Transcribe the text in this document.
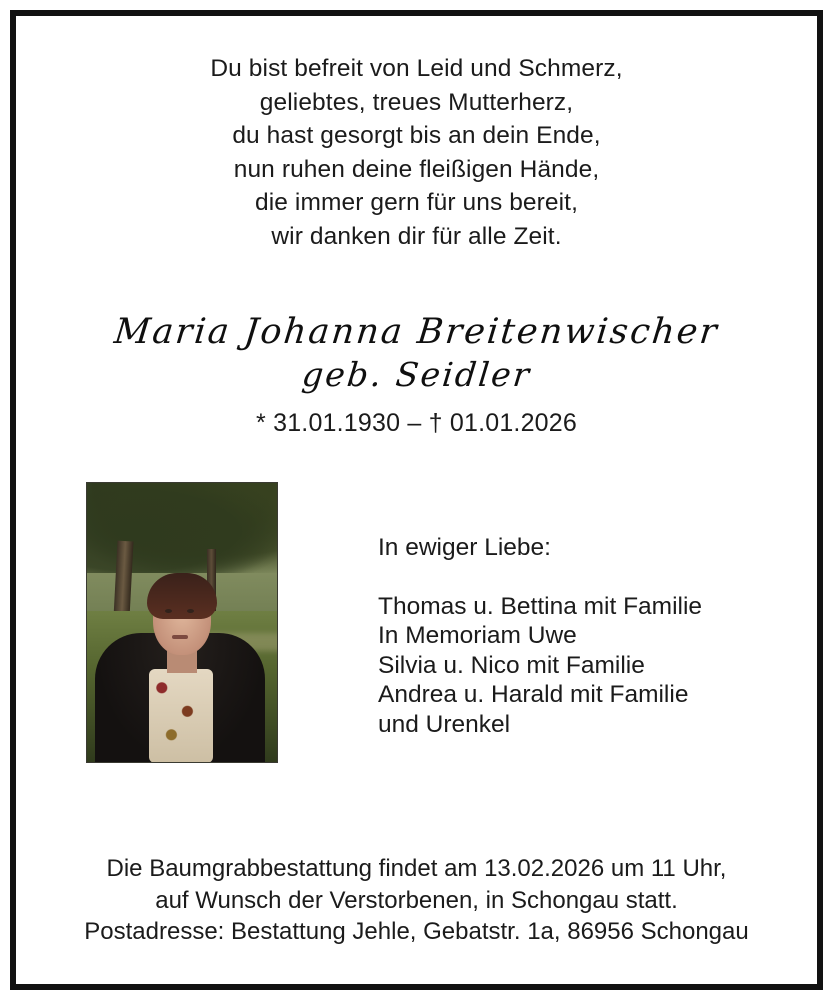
Du bist befreit von Leid und Schmerz,
geliebtes, treues Mutterherz,
du hast gesorgt bis an dein Ende,
nun ruhen deine fleißigen Hände,
die immer gern für uns bereit,
wir danken dir für alle Zeit.
Maria Johanna Breitenwischer
geb. Seidler
* 31.01.1930 – † 01.01.2026
In ewiger Liebe:
Thomas u. Bettina mit Familie
In Memoriam Uwe
Silvia u. Nico mit Familie
Andrea u. Harald mit Familie
und Urenkel
Die Baumgrabbestattung findet am 13.02.2026 um 11 Uhr,
auf Wunsch der Verstorbenen, in Schongau statt.
Postadresse: Bestattung Jehle, Gebatstr. 1a, 86956 Schongau
